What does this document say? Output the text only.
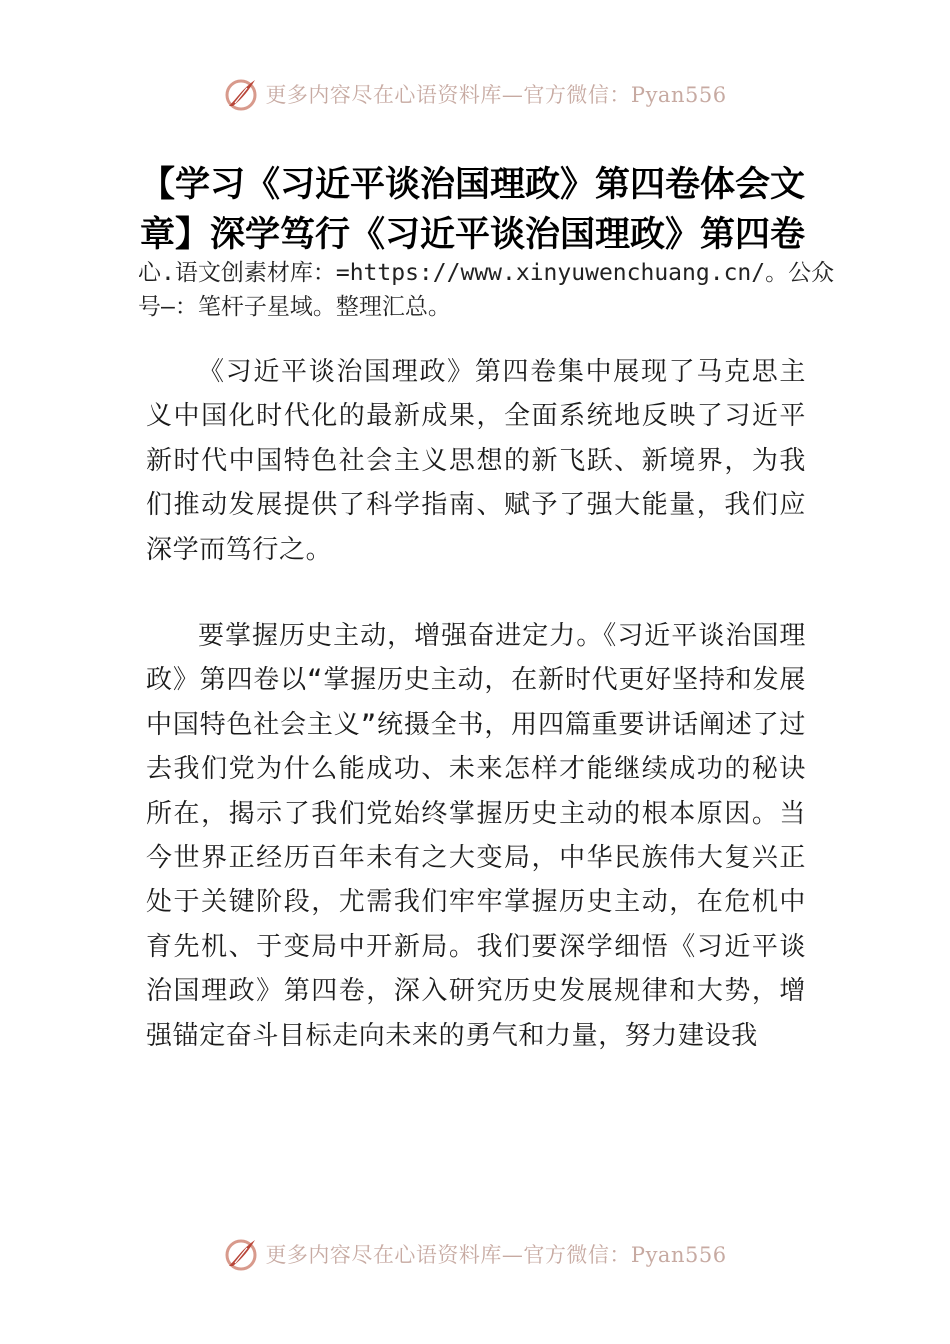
更多内容尽在心语资料库—官方微信：Pyan556
【学习《习近平谈治国理政》第四卷体会文章】深学笃行《习近平谈治国理政》第四卷

心.语文创素材库：=https://www.xinyuwenchuang.cn/。公众号—：笔杆子星域。整理汇总。

《习近平谈治国理政》第四卷集中展现了马克思主义中国化时代化的最新成果，全面系统地反映了习近平新时代中国特色社会主义思想的新飞跃、新境界，为我们推动发展提供了科学指南、赋予了强大能量，我们应深学而笃行之。

要掌握历史主动，增强奋进定力。《习近平谈治国理政》第四卷以“掌握历史主动，在新时代更好坚持和发展中国特色社会主义”统摄全书，用四篇重要讲话阐述了过去我们党为什么能成功、未来怎样才能继续成功的秘诀所在，揭示了我们党始终掌握历史主动的根本原因。当今世界正经历百年未有之大变局，中华民族伟大复兴正处于关键阶段，尤需我们牢牢掌握历史主动，在危机中育先机、于变局中开新局。我们要深学细悟《习近平谈治国理政》第四卷，深入研究历史发展规律和大势，增强锚定奋斗目标走向未来的勇气和力量，努力建设我

更多内容尽在心语资料库—官方微信：Pyan556
